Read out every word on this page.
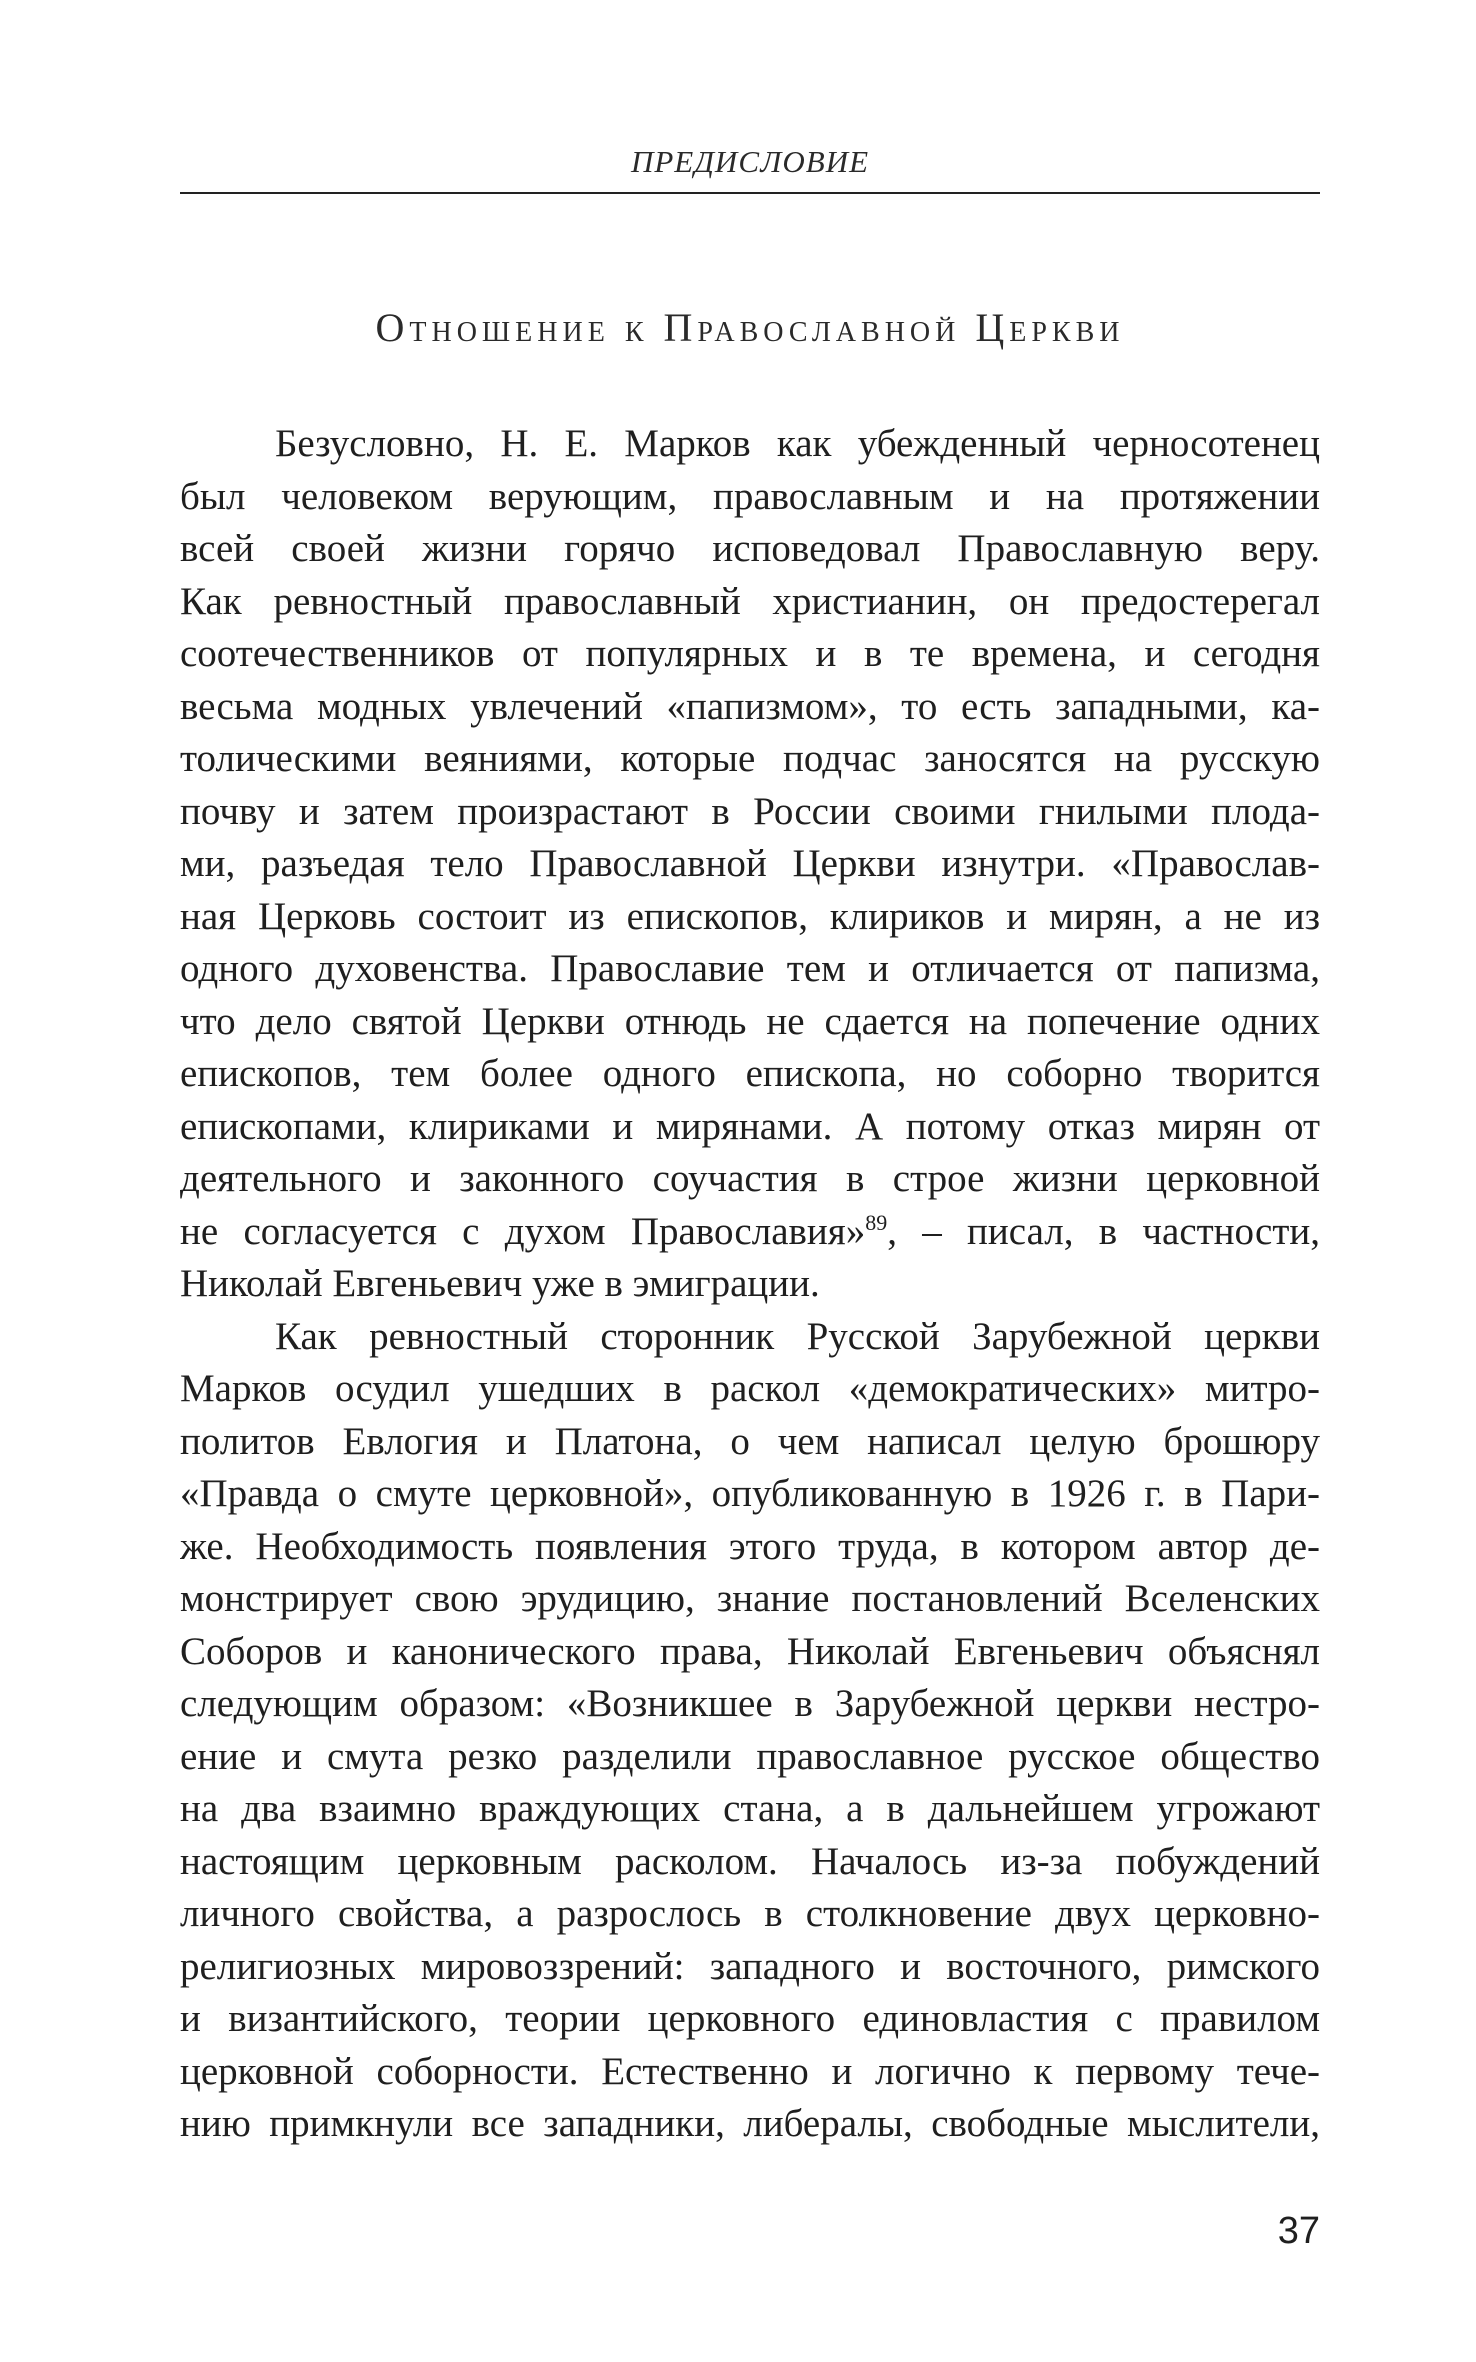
ПРЕДИСЛОВИЕ
Отношение к Православной Церкви
Безусловно, Н. Е. Марков как убежденный черносотенец
был человеком верующим, православным и на протяжении
всей своей жизни горячо исповедовал Православную веру.
Как ревностный православный христианин, он предостерегал
соотечественников от популярных и в те времена, и сегодня
весьма модных увлечений «папизмом», то есть западными, ка-
толическими веяниями, которые подчас заносятся на русскую
почву и затем произрастают в России своими гнилыми плода-
ми, разъедая тело Православной Церкви изнутри. «Православ-
ная Церковь состоит из епископов, клириков и мирян, а не из
одного духовенства. Православие тем и отличается от папизма,
что дело святой Церкви отнюдь не сдается на попечение одних
епископов, тем более одного епископа, но соборно творится
епископами, клириками и мирянами. А потому отказ мирян от
деятельного и законного соучастия в строе жизни церковной
не согласуется с духом Православия»$^{89}$, – писал, в частности,
Николай Евгеньевич уже в эмиграции.
Как ревностный сторонник Русской Зарубежной церкви
Марков осудил ушедших в раскол «демократических» митро-
политов Евлогия и Платона, о чем написал целую брошюру
«Правда о смуте церковной», опубликованную в 1926 г. в Пари-
же. Необходимость появления этого труда, в котором автор де-
монстрирует свою эрудицию, знание постановлений Вселенских
Соборов и канонического права, Николай Евгеньевич объяснял
следующим образом: «Возникшее в Зарубежной церкви нестро-
ение и смута резко разделили православное русское общество
на два взаимно враждующих стана, а в дальнейшем угрожают
настоящим церковным расколом. Началось из-за побуждений
личного свойства, а разрослось в столкновение двух церковно-
религиозных мировоззрений: западного и восточного, римского
и византийского, теории церковного единовластия с правилом
церковной соборности. Естественно и логично к первому тече-
нию примкнули все западники, либералы, свободные мыслители,
37
